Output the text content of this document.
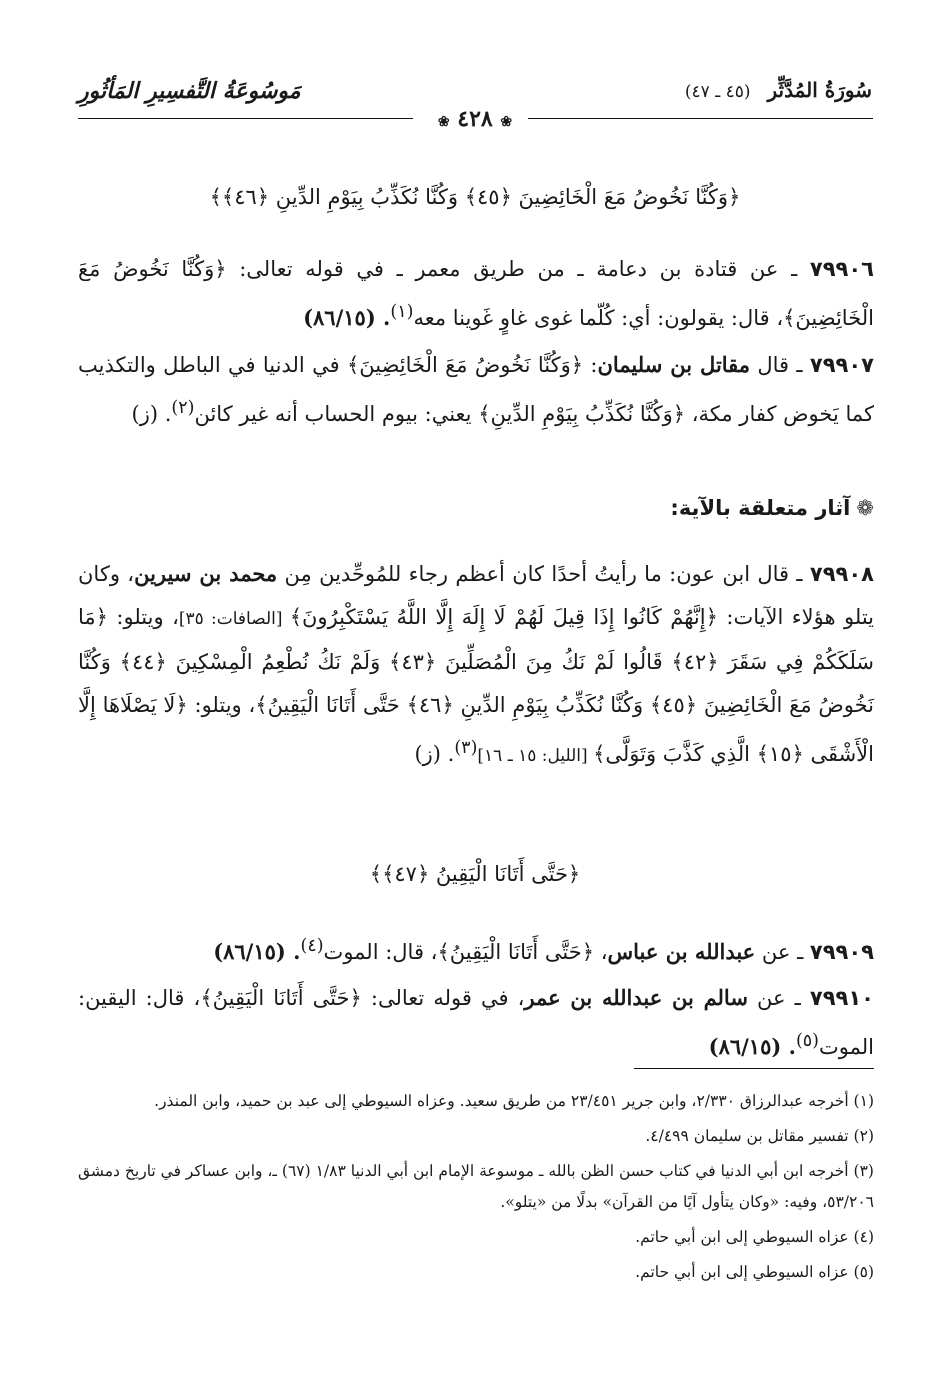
سُورَةُ المُدَّثِّر (٤٥ ـ ٤٧)
مَوسُوعَةُ التَّفسِيرِ المَأثُورِ
❀ ٤٢٨ ❀
﴿وَكُنَّا نَخُوضُ مَعَ الْخَائِضِينَ ﴿٤٥﴾ وَكُنَّا نُكَذِّبُ بِيَوْمِ الدِّينِ ﴿٤٦﴾﴾
٧٩٩٠٦ ـ عن قتادة بن دعامة ـ من طريق معمر ـ في قوله تعالى: ﴿وَكُنَّا نَخُوضُ مَعَ الْخَائِضِينَ﴾، قال: يقولون: أي: كُلّما غوى غاوٍ غَوينا معه$^{(١)}$. (٨٦/١٥)
٧٩٩٠٧ ـ قال مقاتل بن سليمان: ﴿وَكُنَّا نَخُوضُ مَعَ الْخَائِضِينَ﴾ في الدنيا في الباطل والتكذيب كما يَخوض كفار مكة، ﴿وَكُنَّا نُكَذِّبُ بِيَوْمِ الدِّينِ﴾ يعني: بيوم الحساب أنه غير كائن$^{(٢)}$. (ز)
❁آثار متعلقة بالآية:
٧٩٩٠٨ ـ قال ابن عون: ما رأيتُ أحدًا كان أعظم رجاء للمُوحِّدين مِن محمد بن سيرين، وكان يتلو هؤلاء الآيات: ﴿إِنَّهُمْ كَانُوا إِذَا قِيلَ لَهُمْ لَا إِلَهَ إِلَّا اللَّهُ يَسْتَكْبِرُونَ﴾ [الصافات: ٣٥]، ويتلو: ﴿مَا سَلَكَكُمْ فِي سَقَرَ ﴿٤٢﴾ قَالُوا لَمْ نَكُ مِنَ الْمُصَلِّينَ ﴿٤٣﴾ وَلَمْ نَكُ نُطْعِمُ الْمِسْكِينَ ﴿٤٤﴾ وَكُنَّا نَخُوضُ مَعَ الْخَائِضِينَ ﴿٤٥﴾ وَكُنَّا نُكَذِّبُ بِيَوْمِ الدِّينِ ﴿٤٦﴾ حَتَّى أَتَانَا الْيَقِينُ﴾، ويتلو: ﴿لَا يَصْلَاهَا إِلَّا الْأَشْقَى ﴿١٥﴾ الَّذِي كَذَّبَ وَتَوَلَّى﴾ [الليل: ١٥ ـ ١٦]$^{(٣)}$. (ز)
﴿حَتَّى أَتَانَا الْيَقِينُ ﴿٤٧﴾﴾
٧٩٩٠٩ ـ عن عبدالله بن عباس، ﴿حَتَّى أَتَانَا الْيَقِينُ﴾، قال: الموت$^{(٤)}$. (٨٦/١٥)
٧٩٩١٠ ـ عن سالم بن عبدالله بن عمر، في قوله تعالى: ﴿حَتَّى أَتَانَا الْيَقِينُ﴾، قال: اليقين: الموت$^{(٥)}$. (٨٦/١٥)

(١) أخرجه عبدالرزاق ٢/٣٣٠، وابن جرير ٢٣/٤٥١ من طريق سعيد. وعزاه السيوطي إلى عبد بن حميد، وابن المنذر.

(٢) تفسير مقاتل بن سليمان ٤/٤٩٩.

(٣) أخرجه ابن أبي الدنيا في كتاب حسن الظن بالله ـ موسوعة الإمام ابن أبي الدنيا ١/٨٣ (٦٧) ـ، وابن عساكر في تاريخ دمشق ٥٣/٢٠٦، وفيه: «وكان يتأول آيًا من القرآن» بدلًا من «يتلو».

(٤) عزاه السيوطي إلى ابن أبي حاتم.

(٥) عزاه السيوطي إلى ابن أبي حاتم.
